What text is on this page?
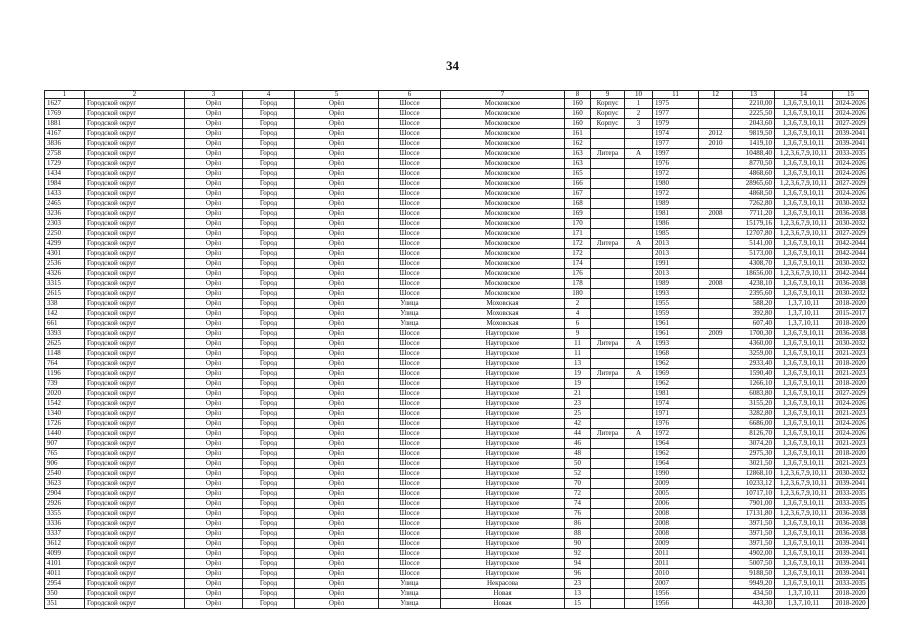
34
1	2	3	4	5	6	7	8	9	10	11	12	13	14	15
1627	Городской округ	Орёл	Город	Орёл	Шоссе	Московское	160	Корпус	1	1975		2210,00	1,3,6,7,9,10,11	2024-2026
1769	Городской округ	Орёл	Город	Орёл	Шоссе	Московское	160	Корпус	2	1977		2225,50	1,3,6,7,9,10,11	2024-2026
1881	Городской округ	Орёл	Город	Орёл	Шоссе	Московское	160	Корпус	3	1979		2043,60	1,3,6,7,9,10,11	2027-2029
4167	Городской округ	Орёл	Город	Орёл	Шоссе	Московское	161			1974	2012	9819,50	1,3,6,7,9,10,11	2039-2041
3836	Городской округ	Орёл	Город	Орёл	Шоссе	Московское	162			1977	2010	1419,10	1,3,6,7,9,10,11	2039-2041
2758	Городской округ	Орёл	Город	Орёл	Шоссе	Московское	163	Литера	А	1997		10488,40	1,2,3,6,7,9,10,11	2033-2035
1729	Городской округ	Орёл	Город	Орёл	Шоссе	Московское	163			1976		8770,50	1,3,6,7,9,10,11	2024-2026
1434	Городской округ	Орёл	Город	Орёл	Шоссе	Московское	165			1972		4868,60	1,3,6,7,9,10,11	2024-2026
1984	Городской округ	Орёл	Город	Орёл	Шоссе	Московское	166			1980		28965,60	1,2,3,6,7,9,10,11	2027-2029
1433	Городской округ	Орёл	Город	Орёл	Шоссе	Московское	167			1972		4868,50	1,3,6,7,9,10,11	2024-2026
2465	Городской округ	Орёл	Город	Орёл	Шоссе	Московское	168			1989		7262,80	1,3,6,7,9,10,11	2030-2032
3236	Городской округ	Орёл	Город	Орёл	Шоссе	Московское	169			1981	2008	7711,20	1,3,6,7,9,10,11	2036-2038
2303	Городской округ	Орёл	Город	Орёл	Шоссе	Московское	170			1986		15179,16	1,2,3,6,7,9,10,11	2030-2032
2250	Городской округ	Орёл	Город	Орёл	Шоссе	Московское	171			1985		12707,80	1,2,3,6,7,9,10,11	2027-2029
4299	Городской округ	Орёл	Город	Орёл	Шоссе	Московское	172	Литера	А	2013		5141,00	1,3,6,7,9,10,11	2042-2044
4301	Городской округ	Орёл	Город	Орёл	Шоссе	Московское	172			2013		5173,00	1,3,6,7,9,10,11	2042-2044
2536	Городской округ	Орёл	Город	Орёл	Шоссе	Московское	174			1991		4308,70	1,3,6,7,9,10,11	2030-2032
4326	Городской округ	Орёл	Город	Орёл	Шоссе	Московское	176			2013		18656,00	1,2,3,6,7,9,10,11	2042-2044
3315	Городской округ	Орёл	Город	Орёл	Шоссе	Московское	178			1989	2008	4238,10	1,3,6,7,9,10,11	2036-2038
2615	Городской округ	Орёл	Город	Орёл	Шоссе	Московское	180			1993		2395,60	1,3,6,7,9,10,11	2030-2032
338	Городской округ	Орёл	Город	Орёл	Улица	Моховская	2			1955		588,20	1,3,7,10,11	2018-2020
142	Городской округ	Орёл	Город	Орёл	Улица	Моховская	4			1959		392,80	1,3,7,10,11	2015-2017
661	Городской округ	Орёл	Город	Орёл	Улица	Моховская	6			1961		607,40	1,3,7,10,11	2018-2020
3393	Городской округ	Орёл	Город	Орёл	Шоссе	Наугорское	9			1961	2009	1700,30	1,3,6,7,9,10,11	2036-2038
2625	Городской округ	Орёл	Город	Орёл	Шоссе	Наугорское	11	Литера	А	1993		4360,00	1,3,6,7,9,10,11	2030-2032
1148	Городской округ	Орёл	Город	Орёл	Шоссе	Наугорское	11			1968		3259,00	1,3,6,7,9,10,11	2021-2023
764	Городской округ	Орёл	Город	Орёл	Шоссе	Наугорское	13			1962		2933,40	1,3,6,7,9,10,11	2018-2020
1196	Городской округ	Орёл	Город	Орёл	Шоссе	Наугорское	19	Литера	А	1969		1590,40	1,3,6,7,9,10,11	2021-2023
739	Городской округ	Орёл	Город	Орёл	Шоссе	Наугорское	19			1962		1266,10	1,3,6,7,9,10,11	2018-2020
2020	Городской округ	Орёл	Город	Орёл	Шоссе	Наугорское	21			1981		6083,80	1,3,6,7,9,10,11	2027-2029
1542	Городской округ	Орёл	Город	Орёл	Шоссе	Наугорское	23			1974		3155,20	1,3,6,7,9,10,11	2024-2026
1340	Городской округ	Орёл	Город	Орёл	Шоссе	Наугорское	25			1971		3282,80	1,3,6,7,9,10,11	2021-2023
1726	Городской округ	Орёл	Город	Орёл	Шоссе	Наугорское	42			1976		6686,00	1,3,6,7,9,10,11	2024-2026
1440	Городской округ	Орёл	Город	Орёл	Шоссе	Наугорское	44	Литера	А	1972		8126,70	1,3,6,7,9,10,11	2024-2026
907	Городской округ	Орёл	Город	Орёл	Шоссе	Наугорское	46			1964		3074,20	1,3,6,7,9,10,11	2021-2023
765	Городской округ	Орёл	Город	Орёл	Шоссе	Наугорское	48			1962		2975,30	1,3,6,7,9,10,11	2018-2020
906	Городской округ	Орёл	Город	Орёл	Шоссе	Наугорское	50			1964		3021,50	1,3,6,7,9,10,11	2021-2023
2540	Городской округ	Орёл	Город	Орёл	Шоссе	Наугорское	52			1990		12868,10	1,2,3,6,7,9,10,11	2030-2032
3623	Городской округ	Орёл	Город	Орёл	Шоссе	Наугорское	70			2009		10233,12	1,2,3,6,7,9,10,11	2039-2041
2904	Городской округ	Орёл	Город	Орёл	Шоссе	Наугорское	72			2005		10717,10	1,2,3,6,7,9,10,11	2033-2035
2926	Городской округ	Орёл	Город	Орёл	Шоссе	Наугорское	74			2006		7901,00	1,3,6,7,9,10,11	2033-2035
3355	Городской округ	Орёл	Город	Орёл	Шоссе	Наугорское	76			2008		17131,80	1,2,3,6,7,9,10,11	2036-2038
3336	Городской округ	Орёл	Город	Орёл	Шоссе	Наугорское	86			2008		3971,50	1,3,6,7,9,10,11	2036-2038
3337	Городской округ	Орёл	Город	Орёл	Шоссе	Наугорское	88			2008		3971,50	1,3,6,7,9,10,11	2036-2038
3612	Городской округ	Орёл	Город	Орёл	Шоссе	Наугорское	90			2009		3971,50	1,3,6,7,9,10,11	2039-2041
4099	Городской округ	Орёл	Город	Орёл	Шоссе	Наугорское	92			2011		4902,00	1,3,6,7,9,10,11	2039-2041
4101	Городской округ	Орёл	Город	Орёл	Шоссе	Наугорское	94			2011		5007,50	1,3,6,7,9,10,11	2039-2041
4011	Городской округ	Орёл	Город	Орёл	Шоссе	Наугорское	96			2010		9188,50	1,3,6,7,9,10,11	2039-2041
2954	Городской округ	Орёл	Город	Орёл	Улица	Некрасова	23			2007		9949,20	1,3,6,7,9,10,11	2033-2035
350	Городской округ	Орёл	Город	Орёл	Улица	Новая	13			1956		434,50	1,3,7,10,11	2018-2020
351	Городской округ	Орёл	Город	Орёл	Улица	Новая	15			1956		443,30	1,3,7,10,11	2018-2020
